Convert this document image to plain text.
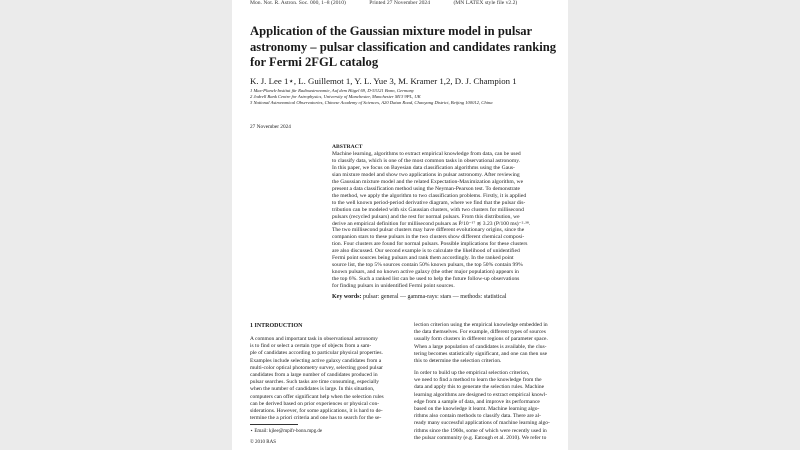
Mon. Not. R. Astron. Soc. 000, 1–8 (2010)	Printed 27 November 2024	(MN LATEX style file v2.2)
Application of the Gaussian mixture model in pulsar
astronomy – pulsar classification and candidates ranking
for Fermi 2FGL catalog
K. J. Lee 1⋆, L. Guillemot 1, Y. L. Yue 3, M. Kramer 1,2, D. J. Champion 1
1 Max-Planck-Institut für Radioastronomie, Auf dem Hügel 69, D-53121 Bonn, Germany
2 Jodrell Bank Centre for Astrophysics, University of Manchester, Manchester M13 9PL, UK
3 National Astronomical Observatories, Chinese Academy of Sciences, A20 Datun Road, Chaoyang District, Beijing 100012, China
27 November 2024
ABSTRACT
Machine learning, algorithms to extract empirical knowledge from data, can be used
to classify data, which is one of the most common tasks in observational astronomy.
In this paper, we focus on Bayesian data classification algorithms using the Gaus-
sian mixture model and show two applications in pulsar astronomy. After reviewing
the Gaussian mixture model and the related Expectation-Maximization algorithm, we
present a data classification method using the Neyman-Pearson test. To demonstrate
the method, we apply the algorithm to two classification problems. Firstly, it is applied
to the well known period-period derivative diagram, where we find that the pulsar dis-
tribution can be modeled with six Gaussian clusters, with two clusters for millisecond
pulsars (recycled pulsars) and the rest for normal pulsars. From this distribution, we
derive an empirical definition for millisecond pulsars as Ṗ/10⁻¹⁷ ≲ 3.23 (P/100 ms)⁻²·³⁸.
The two millisecond pulsar clusters may have different evolutionary origins, since the
companion stars to these pulsars in the two clusters show different chemical composi-
tion. Four clusters are found for normal pulsars. Possible implications for these clusters
are also discussed. Our second example is to calculate the likelihood of unidentified
Fermi point sources being pulsars and rank them accordingly. In the ranked point
source list, the top 5% sources contain 50% known pulsars, the top 50% contain 99%
known pulsars, and no known active galaxy (the other major population) appears in
the top 6%. Such a ranked list can be used to help the future follow-up observations
for finding pulsars in unidentified Fermi point sources.
Key words: pulsar: general — gamma-rays: stars — methods: statistical
1 INTRODUCTION
A common and important task in observational astronomy
is to find or select a certain type of objects from a sam-
ple of candidates according to particular physical properties.
Examples include selecting active galaxy candidates from a
multi-color optical photometry survey, selecting good pulsar
candidates from a large number of candidates produced in
pulsar searches. Such tasks are time consuming, especially
when the number of candidates is large. In this situation,
computers can offer significant help when the selection rules
can be derived based on prior experiences or physical con-
siderations. However, for some applications, it is hard to de-
termine the a priori criteria and one has to search for the se-
lection criterion using the empirical knowledge embedded in
the data themselves. For example, different types of sources
usually form clusters in different regions of parameter space.
When a large population of candidates is available, the clus-
tering becomes statistically significant, and one can then use
this to determine the selection criterion.
In order to build up the empirical selection criterion,
we need to find a method to learn the knowledge from the
data and apply this to generate the selection rules. Machine
learning algorithms are designed to extract empirical knowl-
edge from a sample of data, and improve its performance
based on the knowledge it learnt. Machine learning algo-
rithms also contain methods to classify data. There are al-
ready many successful applications of machine learning algo-
rithms since the 1960s, some of which were recently used in
the pulsar community (e.g. Eatough et al. 2010). We refer to
⋆ Email: kjlee@mpifr-bonn.mpg.de
© 2010 RAS
